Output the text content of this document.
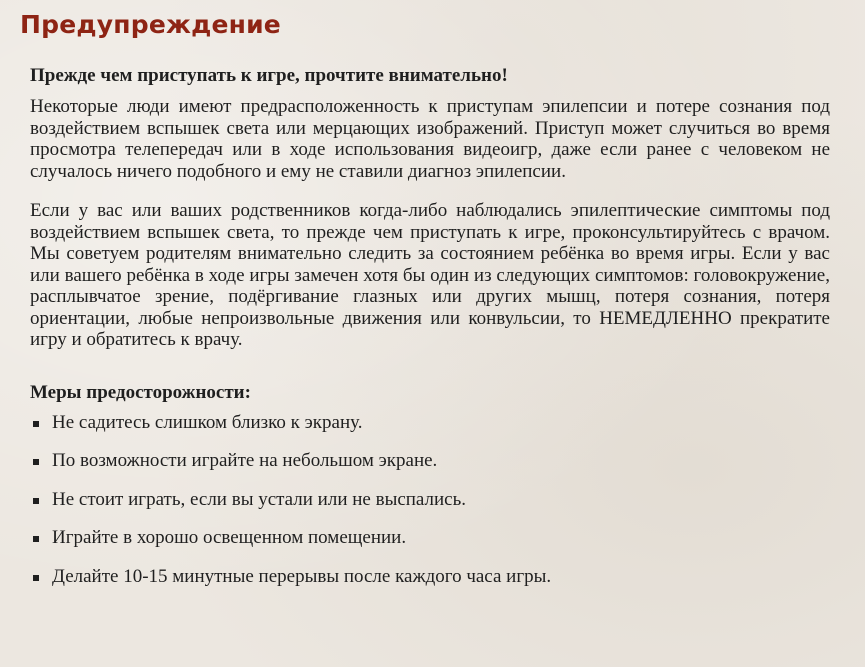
Предупреждение

Прежде чем приступать к игре, прочтите внимательно!

Некоторые люди имеют предрасположенность к приступам эпилепсии и потере сознания под воздействием вспышек света или мерцающих изображений. Приступ может случиться во время просмотра телепередач или в ходе использования видеоигр, даже если ранее с человеком не случалось ничего подобного и ему не ставили диагноз эпилепсии.

Если у вас или ваших родственников когда-либо наблюдались эпилептические симптомы под воздействием вспышек света, то прежде чем приступать к игре, проконсультируйтесь с врачом. Мы советуем родителям внимательно следить за состоянием ребёнка во время игры. Если у вас или вашего ребёнка в ходе игры замечен хотя бы один из следующих симптомов: головокружение, расплывчатое зрение, подёргивание глазных или других мышц, потеря сознания, потеря ориентации, любые непроизвольные движения или конвульсии, то НЕМЕДЛЕННО прекратите игру и обратитесь к врачу.

Меры предосторожности:

Не садитесь слишком близко к экрану.
По возможности играйте на небольшом экране.
Не стоит играть, если вы устали или не выспались.
Играйте в хорошо освещенном помещении.
Делайте 10-15 минутные перерывы после каждого часа игры.
